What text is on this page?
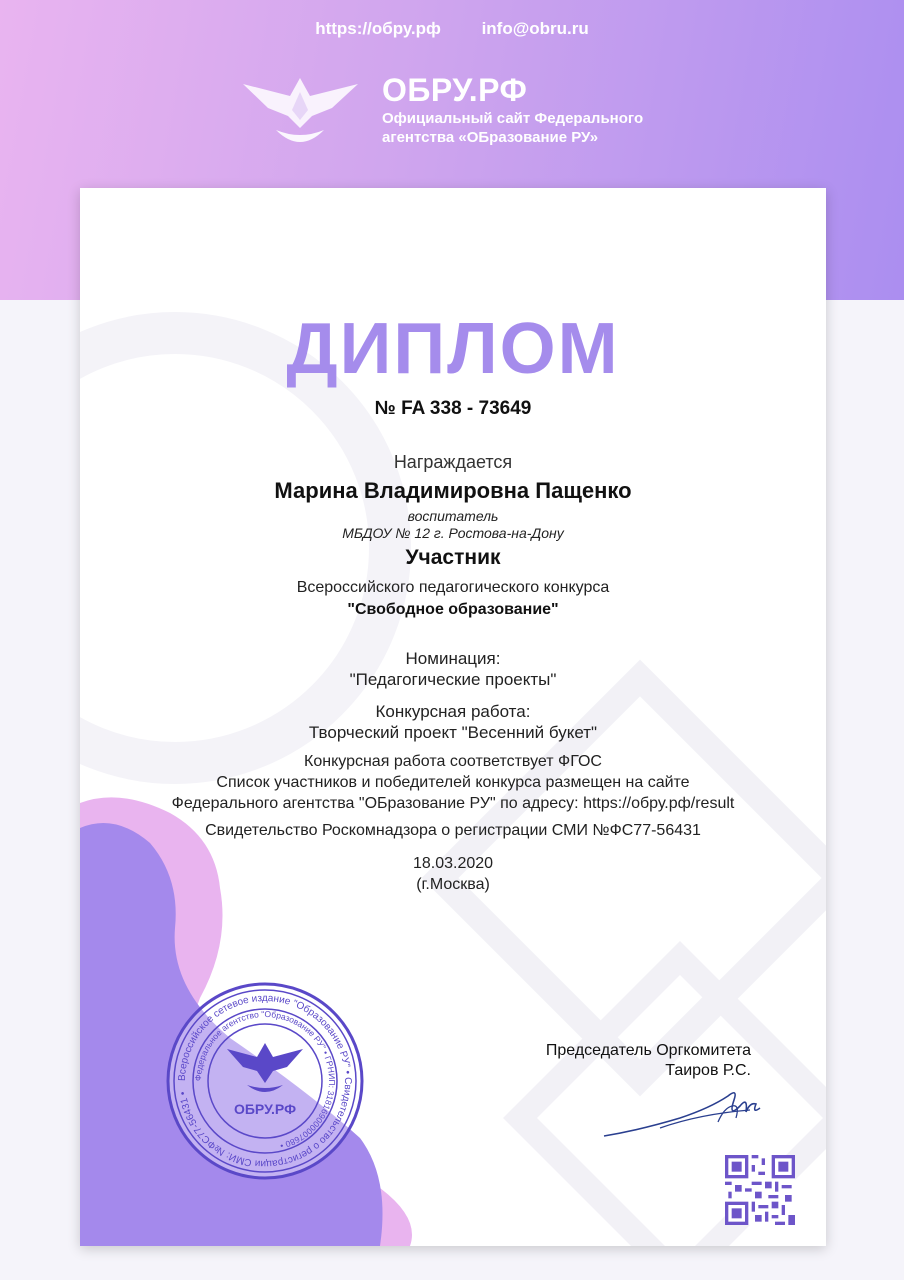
https://обру.рф info@obru.ru
ОБРУ.РФ
Официальный сайт Федерального
агентства «ОБразование РУ»
ДИПЛОМ
№ FA 338 - 73649
Награждается
Марина Владимировна Пащенко
воспитатель
МБДОУ № 12 г. Ростова-на-Дону
Участник
Всероссийского педагогического конкурса
"Свободное образование"
Номинация:
"Педагогические проекты"
Конкурсная работа:
Творческий проект "Весенний букет"
Конкурсная работа соответствует ФГОС
Список участников и победителей конкурса размещен на сайте
Федерального агентства "ОБразование РУ" по адресу: https://обру.рф/result
Свидетельство Роскомнадзора о регистрации СМИ №ФС77-56431
18.03.2020
(г.Москва)
Всероссийское сетевое издание "Образование РУ" • Свидетельство о регистрации СМИ: №ФС77-56431 •
Федеральное агентство "Образование РУ" • ГРНИП: 318169000007680 •
ОБРУ.РФ
Председатель Оргкомитета
Таиров Р.С.
